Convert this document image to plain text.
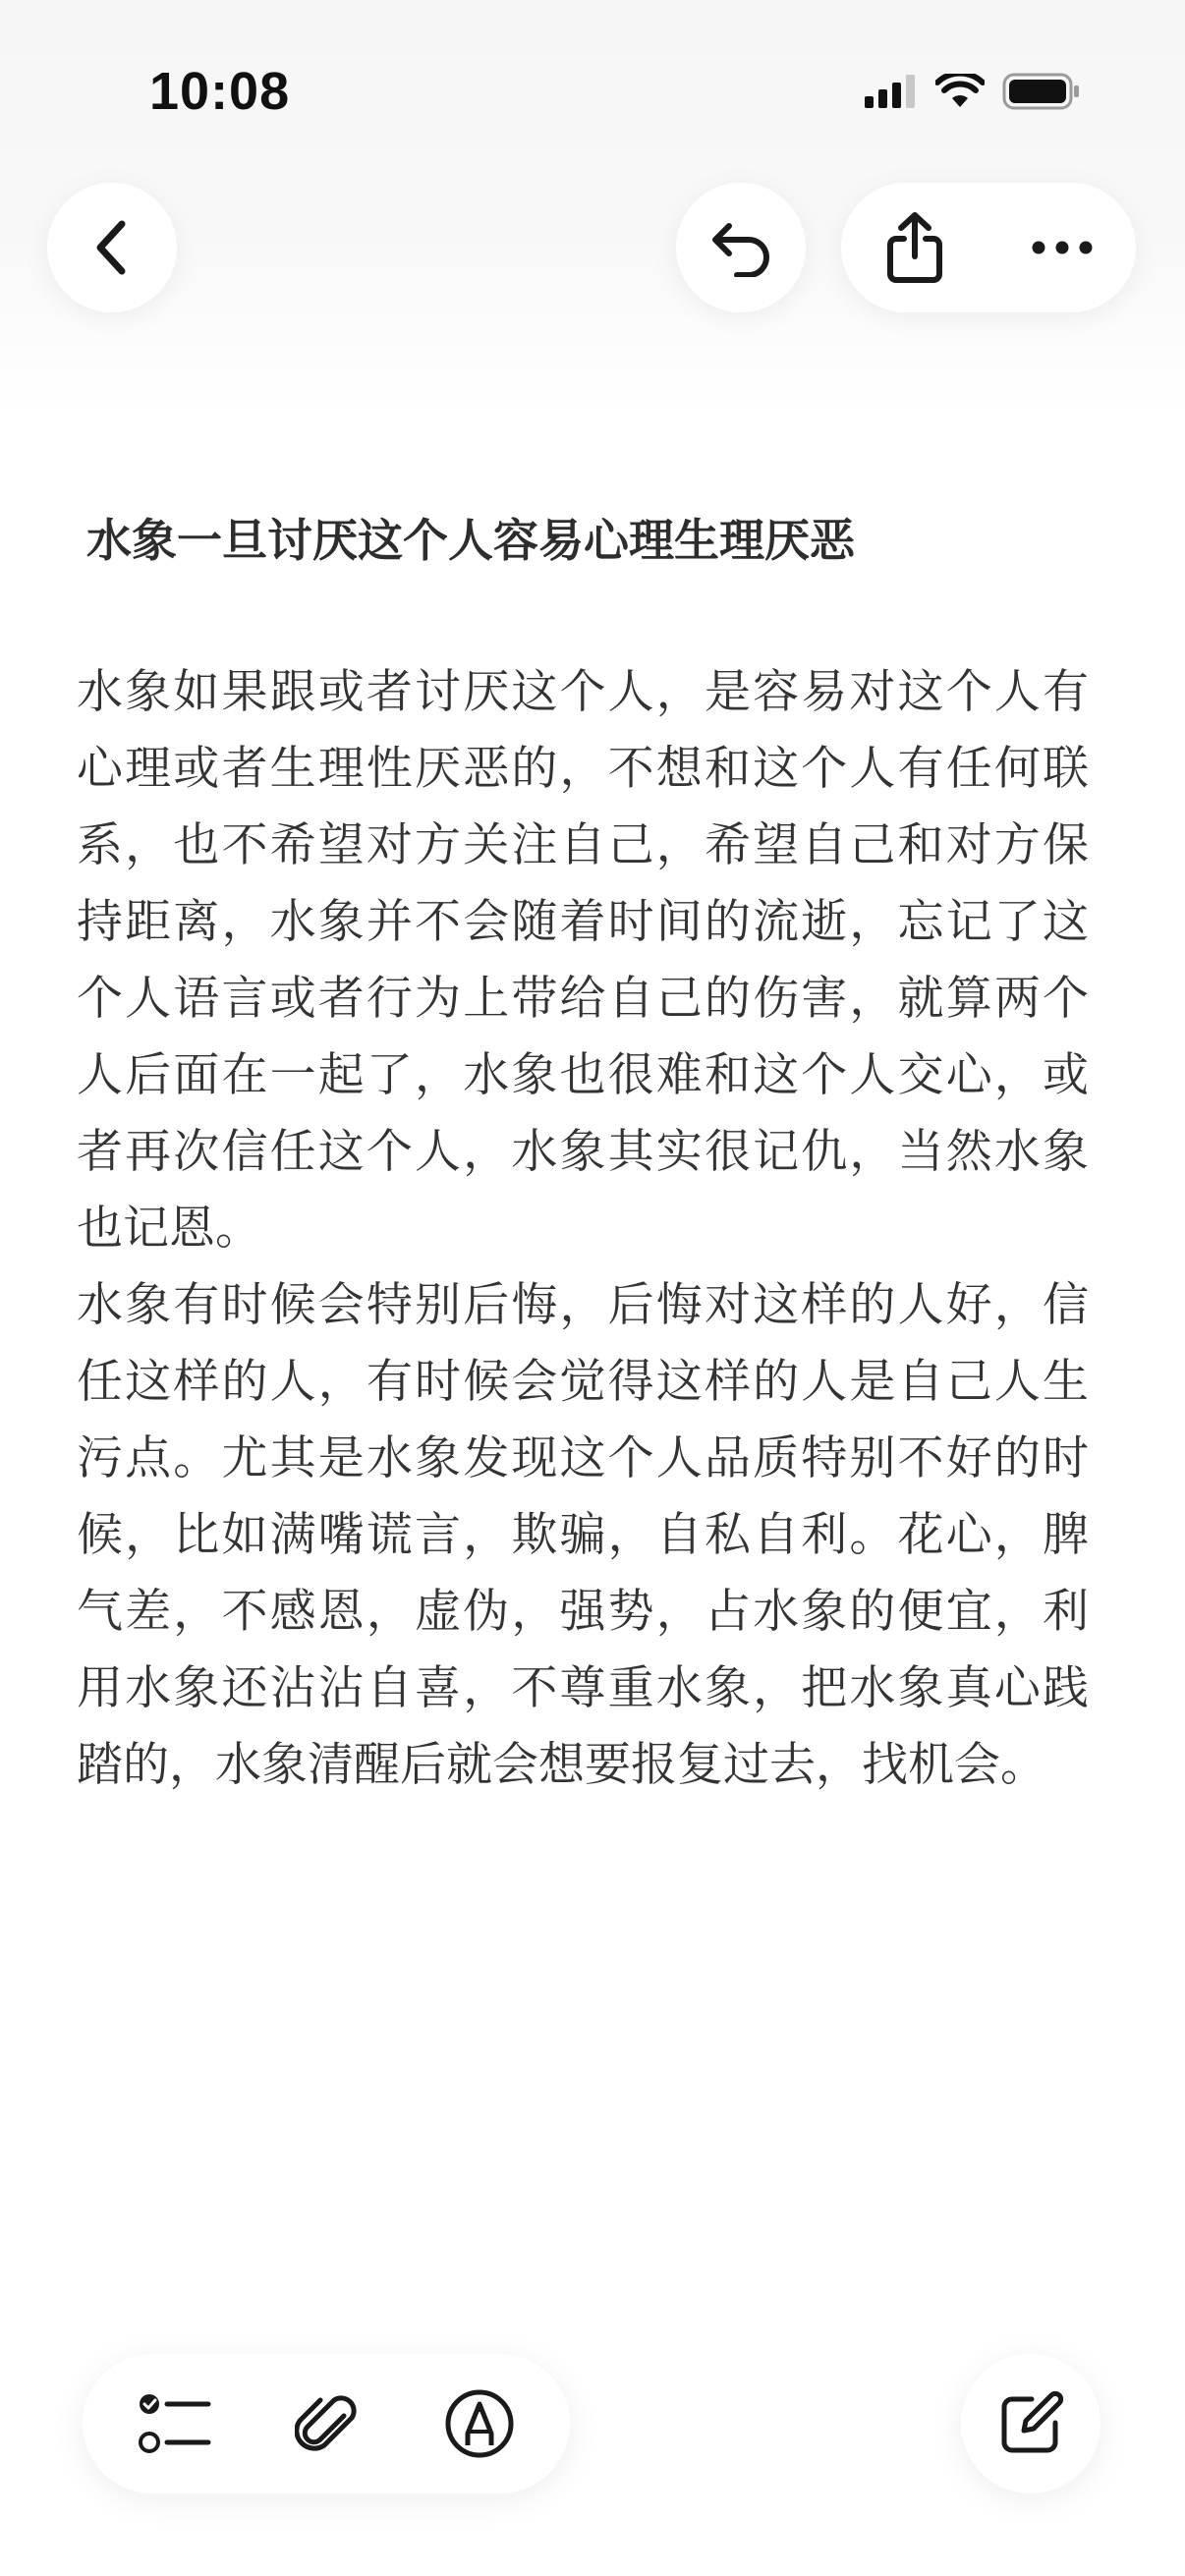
10:08
水象一旦讨厌这个人容易心理生理厌恶

水象如果跟或者讨厌这个人，是容易对这个人有心理或者生理性厌恶的，不想和这个人有任何联系，也不希望对方关注自己，希望自己和对方保持距离，水象并不会随着时间的流逝，忘记了这个人语言或者行为上带给自己的伤害，就算两个人后面在一起了，水象也很难和这个人交心，或者再次信任这个人，水象其实很记仇，当然水象也记恩。

水象有时候会特别后悔，后悔对这样的人好，信任这样的人，有时候会觉得这样的人是自己人生污点。尤其是水象发现这个人品质特别不好的时候，比如满嘴谎言，欺骗，自私自利。花心，脾气差，不感恩，虚伪，强势，占水象的便宜，利用水象还沾沾自喜，不尊重水象，把水象真心践踏的，水象清醒后就会想要报复过去，找机会。
